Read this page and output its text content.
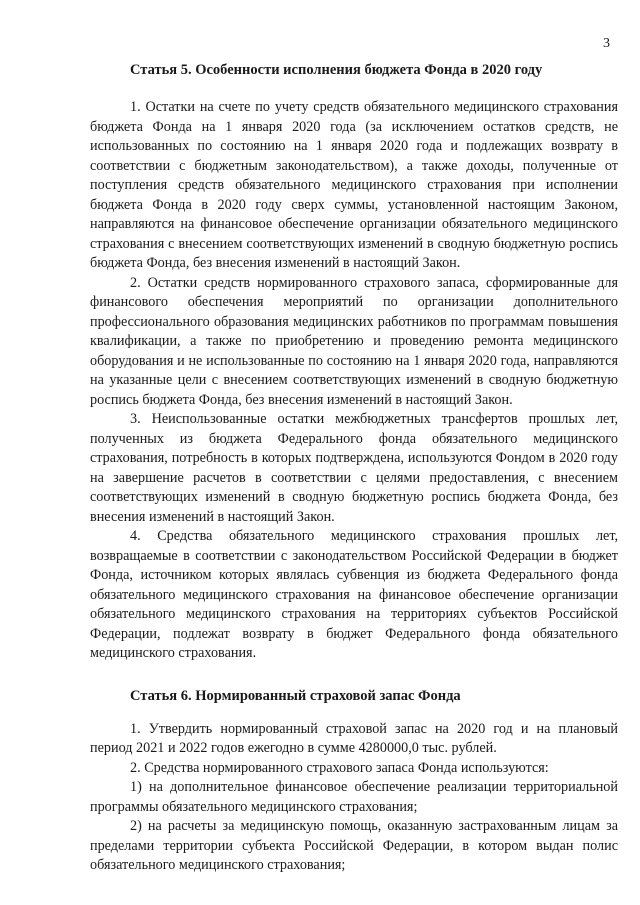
3
Статья 5. Особенности исполнения бюджета Фонда в 2020 году

1. Остатки на счете по учету средств обязательного медицинского страхования бюджета Фонда на 1 января 2020 года (за исключением остатков средств, не использованных по состоянию на 1 января 2020 года и подлежащих возврату в соответствии с бюджетным законодательством), а также доходы, полученные от поступления средств обязательного медицинского страхования при исполнении бюджета Фонда в 2020 году сверх суммы, установленной настоящим Законом, направляются на финансовое обеспечение организации обязательного медицинского страхования с внесением соответствующих изменений в сводную бюджетную роспись бюджета Фонда, без внесения изменений в настоящий Закон.

2. Остатки средств нормированного страхового запаса, сформированные для финансового обеспечения мероприятий по организации дополнительного профессионального образования медицинских работников по программам повышения квалификации, а также по приобретению и проведению ремонта медицинского оборудования и не использованные по состоянию на 1 января 2020 года, направляются на указанные цели с внесением соответствующих изменений в сводную бюджетную роспись бюджета Фонда, без внесения изменений в настоящий Закон.

3. Неиспользованные остатки межбюджетных трансфертов прошлых лет, полученных из бюджета Федерального фонда обязательного медицинского страхования, потребность в которых подтверждена, используются Фондом в 2020 году на завершение расчетов в соответствии с целями предоставления, с внесением соответствующих изменений в сводную бюджетную роспись бюджета Фонда, без внесения изменений в настоящий Закон.

4. Средства обязательного медицинского страхования прошлых лет, возвращаемые в соответствии с законодательством Российской Федерации в бюджет Фонда, источником которых являлась субвенция из бюджета Федерального фонда обязательного медицинского страхования на финансовое обеспечение организации обязательного медицинского страхования на территориях субъектов Российской Федерации, подлежат возврату в бюджет Федерального фонда обязательного медицинского страхования.

Статья 6. Нормированный страховой запас Фонда

1. Утвердить нормированный страховой запас на 2020 год и на плановый период 2021 и 2022 годов ежегодно в сумме 4280000,0 тыс. рублей.

2. Средства нормированного страхового запаса Фонда используются:

1) на дополнительное финансовое обеспечение реализации территориальной программы обязательного медицинского страхования;

2) на расчеты за медицинскую помощь, оказанную застрахованным лицам за пределами территории субъекта Российской Федерации, в котором выдан полис обязательного медицинского страхования;
